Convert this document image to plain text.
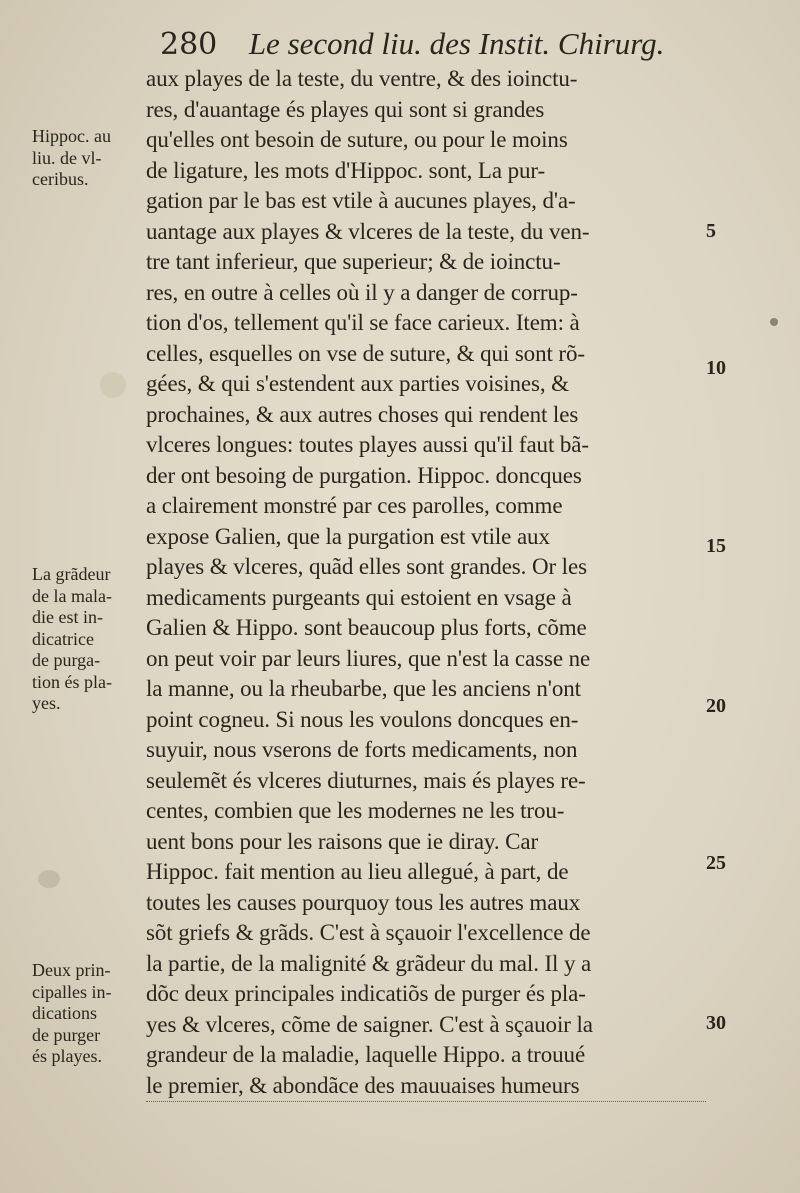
280 Le second liu. des Instit. Chirurg.
aux playes de la teste, du ventre, & des ioinctu-
res, d'auantage és playes qui sont si grandes
qu'elles ont besoin de suture, ou pour le moins
de ligature, les mots d'Hippoc. sont, La pur-
gation par le bas est vtile à aucunes playes, d'a-
uantage aux playes & vlceres de la teste, du ven-
tre tant inferieur, que superieur; & de ioinctu-
res, en outre à celles où il y a danger de corrup-
tion d'os, tellement qu'il se face carieux. Item: à
celles, esquelles on vse de suture, & qui sont rõ-
gées, & qui s'estendent aux parties voisines, &
prochaines, & aux autres choses qui rendent les
vlceres longues: toutes playes aussi qu'il faut bã-
der ont besoing de purgation. Hippoc. doncques
a clairement monstré par ces parolles, comme
expose Galien, que la purgation est vtile aux
playes & vlceres, quãd elles sont grandes. Or les
medicaments purgeants qui estoient en vsage à
Galien & Hippo. sont beaucoup plus forts, cõme
on peut voir par leurs liures, que n'est la casse ne
la manne, ou la rheubarbe, que les anciens n'ont
point cogneu. Si nous les voulons doncques en-
suyuir, nous vserons de forts medicaments, non
seulemẽt és vlceres diuturnes, mais és playes re-
centes, combien que les modernes ne les trou-
uent bons pour les raisons que ie diray. Car
Hippoc. fait mention au lieu allegué, à part, de
toutes les causes pourquoy tous les autres maux
sõt griefs & grãds. C'est à sçauoir l'excellence de
la partie, de la malignité & grãdeur du mal. Il y a
dõc deux principales indicatiõs de purger és pla-
yes & vlceres, cõme de saigner. C'est à sçauoir la
grandeur de la maladie, laquelle Hippo. a trouué
le premier, & abondãce des mauuaises humeurs
Hippoc. au
liu. de vl-
ceribus.
La grãdeur
de la mala-
die est in-
dicatrice
de purga-
tion és pla-
yes.
Deux prin-
cipalles in-
dications
de purger
és playes.
5
10
15
20
25
30
